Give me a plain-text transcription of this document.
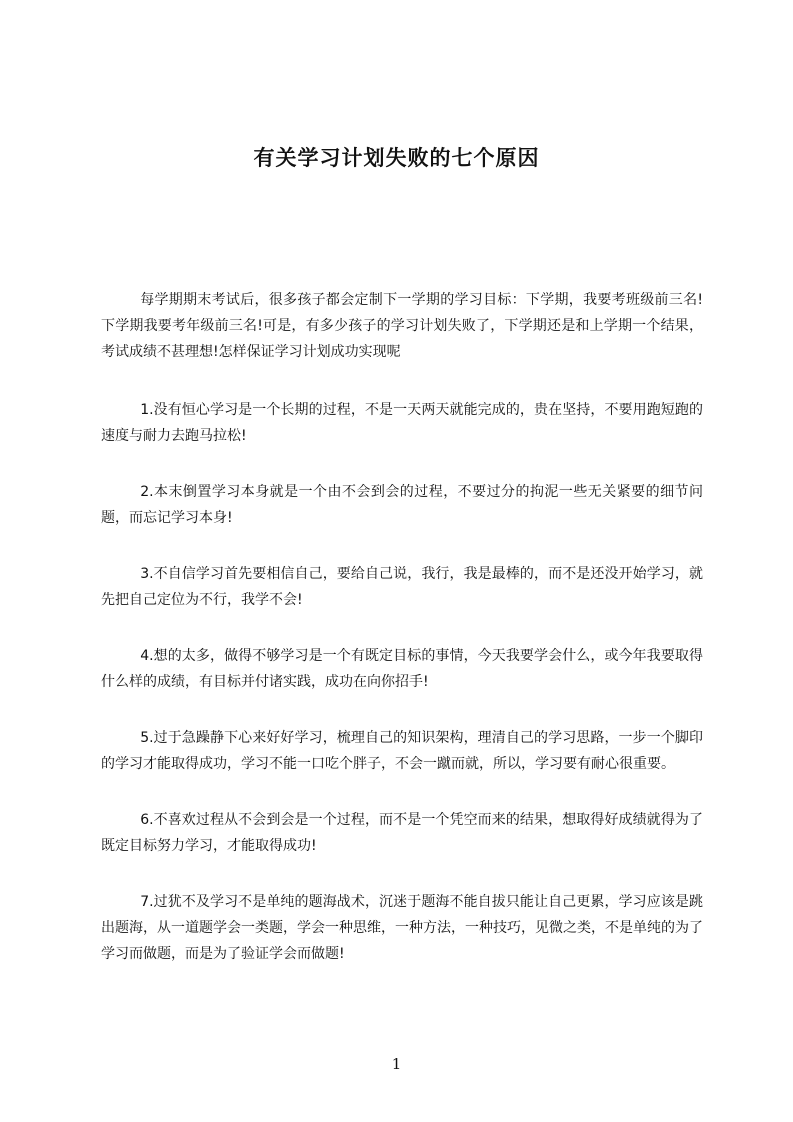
有关学习计划失败的七个原因

每学期期末考试后，很多孩子都会定制下一学期的学习目标：下学期，我要考班级前三名!下学期我要考年级前三名!可是，有多少孩子的学习计划失败了，下学期还是和上学期一个结果，考试成绩不甚理想!怎样保证学习计划成功实现呢

1.没有恒心学习是一个长期的过程，不是一天两天就能完成的，贵在坚持，不要用跑短跑的速度与耐力去跑马拉松!

2.本末倒置学习本身就是一个由不会到会的过程，不要过分的拘泥一些无关紧要的细节问题，而忘记学习本身!

3.不自信学习首先要相信自己，要给自己说，我行，我是最棒的，而不是还没开始学习，就先把自己定位为不行，我学不会!

4.想的太多，做得不够学习是一个有既定目标的事情，今天我要学会什么，或今年我要取得什么样的成绩，有目标并付诸实践，成功在向你招手!

5.过于急躁静下心来好好学习，梳理自己的知识架构，理清自己的学习思路，一步一个脚印的学习才能取得成功，学习不能一口吃个胖子，不会一蹴而就，所以，学习要有耐心很重要。

6.不喜欢过程从不会到会是一个过程，而不是一个凭空而来的结果，想取得好成绩就得为了既定目标努力学习，才能取得成功!

7.过犹不及学习不是单纯的题海战术，沉迷于题海不能自拔只能让自己更累，学习应该是跳出题海，从一道题学会一类题，学会一种思维，一种方法，一种技巧，见微之类，不是单纯的为了学习而做题，而是为了验证学会而做题!

1
